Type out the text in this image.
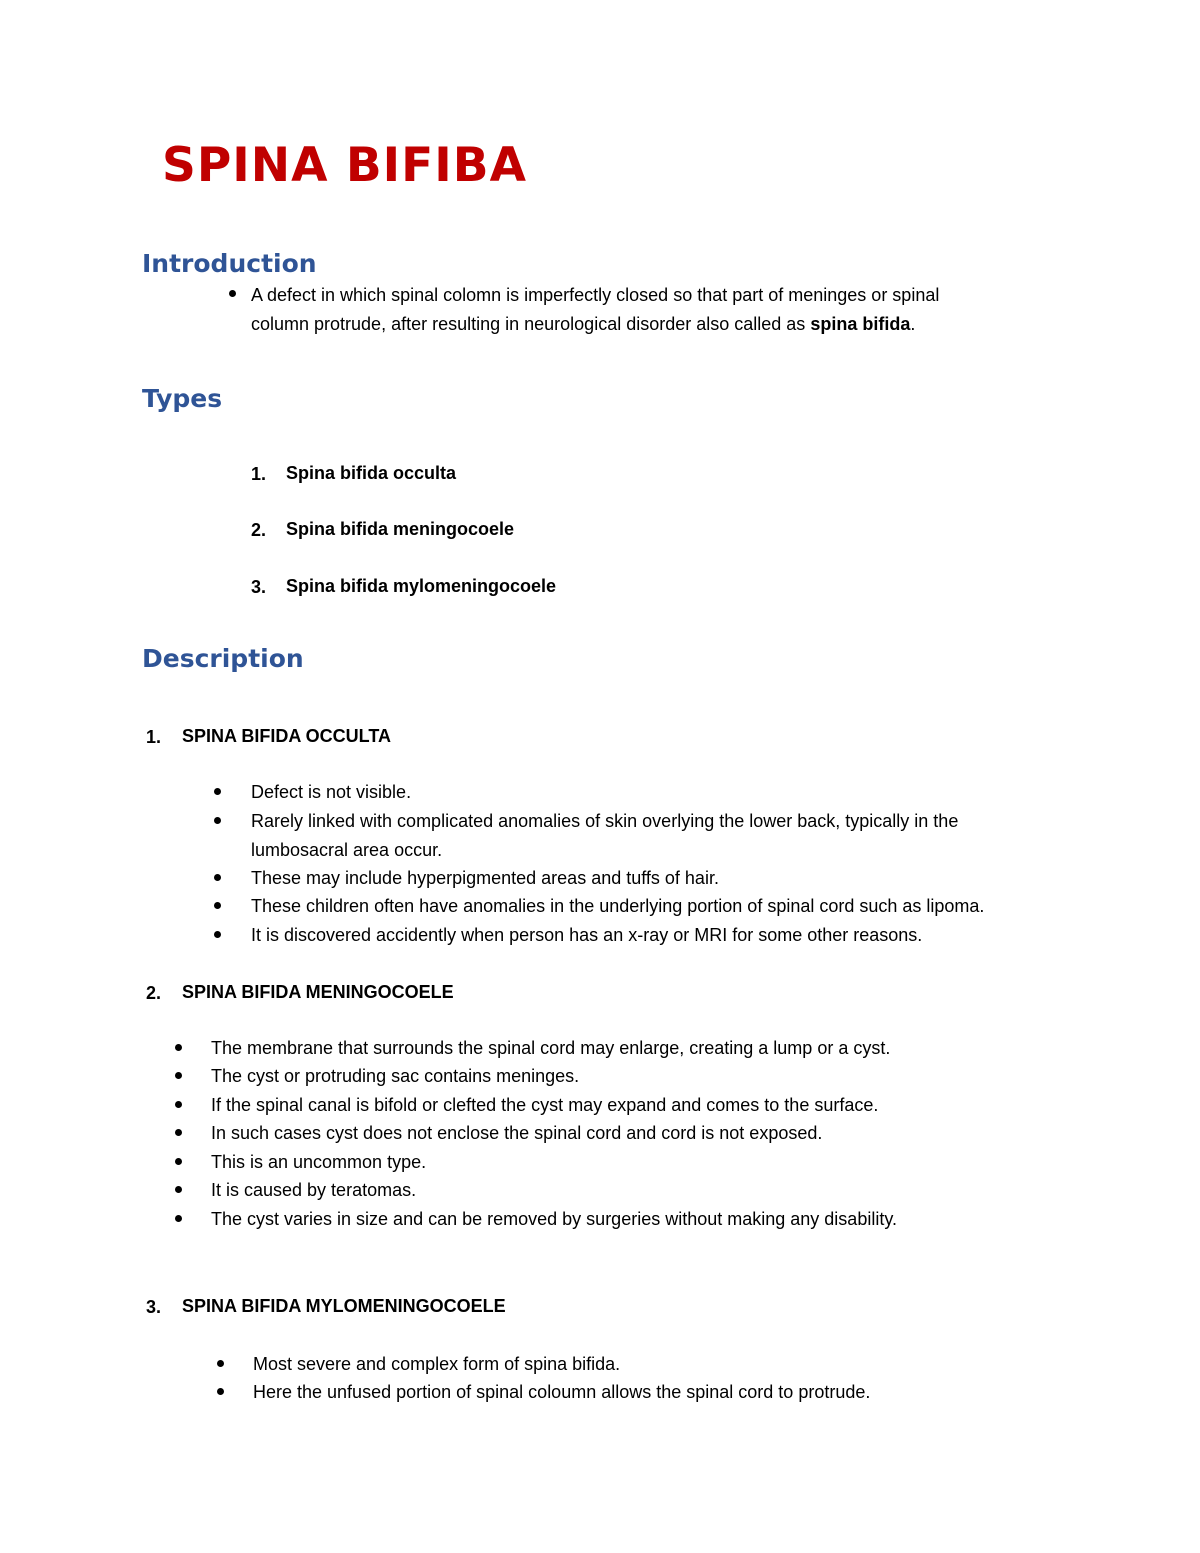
SPINA BIFIBA
Introduction
A defect in which spinal colomn is imperfectly closed so that part of meninges or spinal
column protrude, after resulting in neurological disorder also called as spina bifida.
Types
1. Spina bifida occulta
2. Spina bifida meningocoele
3. Spina bifida mylomeningocoele
Description
1. SPINA BIFIDA OCCULTA
Defect is not visible.
Rarely linked with complicated anomalies of skin overlying the lower back, typically in the
lumbosacral area occur.
These may include hyperpigmented areas and tuffs of hair.
These children often have anomalies in the underlying portion of spinal cord such as lipoma.
It is discovered accidently when person has an x-ray or MRI for some other reasons.
2. SPINA BIFIDA MENINGOCOELE
The membrane that surrounds the spinal cord may enlarge, creating a lump or a cyst.
The cyst or protruding sac contains meninges.
If the spinal canal is bifold or clefted the cyst may expand and comes to the surface.
In such cases cyst does not enclose the spinal cord and cord is not exposed.
This is an uncommon type.
It is caused by teratomas.
The cyst varies in size and can be removed by surgeries without making any disability.
3. SPINA BIFIDA MYLOMENINGOCOELE
Most severe and complex form of spina bifida.
Here the unfused portion of spinal coloumn allows the spinal cord to protrude.
